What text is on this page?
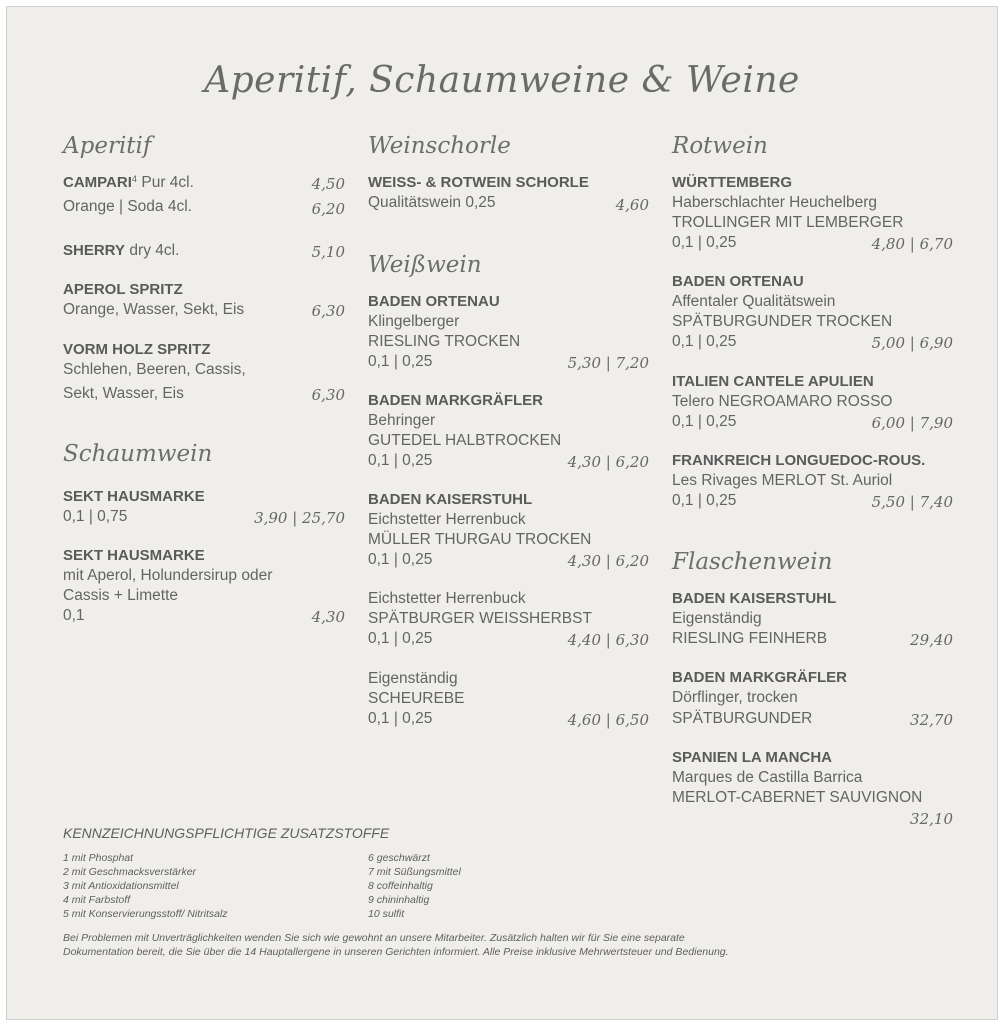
Aperitif, Schaumweine & Weine
Aperitif
CAMPARI$^4$ Pur 4cl.	4,50
Orange | Soda 4cl.	6,20
SHERRY dry 4cl.	5,10
APEROL SPRITZ
Orange, Wasser, Sekt, Eis	6,30
VORM HOLZ SPRITZ
Schlehen, Beeren, Cassis,
Sekt, Wasser, Eis	6,30
Schaumwein
SEKT HAUSMARKE
0,1 | 0,75	3,90 | 25,70
SEKT HAUSMARKE
mit Aperol, Holundersirup oder
Cassis + Limette
0,1	4,30
Weinschorle
WEISS- & ROTWEIN SCHORLE
Qualitätswein 0,25	4,60
Weißwein
BADEN ORTENAU
Klingelberger
RIESLING TROCKEN
0,1 | 0,25	5,30 | 7,20
BADEN MARKGRÄFLER
Behringer
GUTEDEL HALBTROCKEN
0,1 | 0,25	4,30 | 6,20
BADEN KAISERSTUHL
Eichstetter Herrenbuck
MÜLLER THURGAU TROCKEN
0,1 | 0,25	4,30 | 6,20
Eichstetter Herrenbuck
SPÄTBURGER WEISSHERBST
0,1 | 0,25	4,40 | 6,30
Eigenständig
SCHEUREBE
0,1 | 0,25	4,60 | 6,50
Rotwein
WÜRTTEMBERG
Haberschlachter Heuchelberg
TROLLINGER MIT LEMBERGER
0,1 | 0,25	4,80 | 6,70
BADEN ORTENAU
Affentaler Qualitätswein
SPÄTBURGUNDER TROCKEN
0,1 | 0,25	5,00 | 6,90
ITALIEN CANTELE APULIEN
Telero NEGROAMARO ROSSO
0,1 | 0,25	6,00 | 7,90
FRANKREICH LONGUEDOC-ROUS.
Les Rivages MERLOT St. Auriol
0,1 | 0,25	5,50 | 7,40
Flaschenwein
BADEN KAISERSTUHL
Eigenständig
RIESLING FEINHERB	29,40
BADEN MARKGRÄFLER
Dörflinger, trocken
SPÄTBURGUNDER	32,70
SPANIEN LA MANCHA
Marques de Castilla Barrica
MERLOT-CABERNET SAUVIGNON
32,10
KENNZEICHNUNGSPFLICHTIGE ZUSATZSTOFFE
1 mit Phosphat
2 mit Geschmacksverstärker
3 mit Antioxidationsmittel
4 mit Farbstoff
5 mit Konservierungsstoff/ Nitritsalz
6 geschwärzt
7 mit Süßungsmittel
8 coffeinhaltig
9 chininhaltig
10 sulfit
Bei Problemen mit Unverträglichkeiten wenden Sie sich wie gewohnt an unsere Mitarbeiter. Zusätzlich halten wir für Sie eine separate
Dokumentation bereit, die Sie über die 14 Hauptallergene in unseren Gerichten informiert. Alle Preise inklusive Mehrwertsteuer und Bedienung.
